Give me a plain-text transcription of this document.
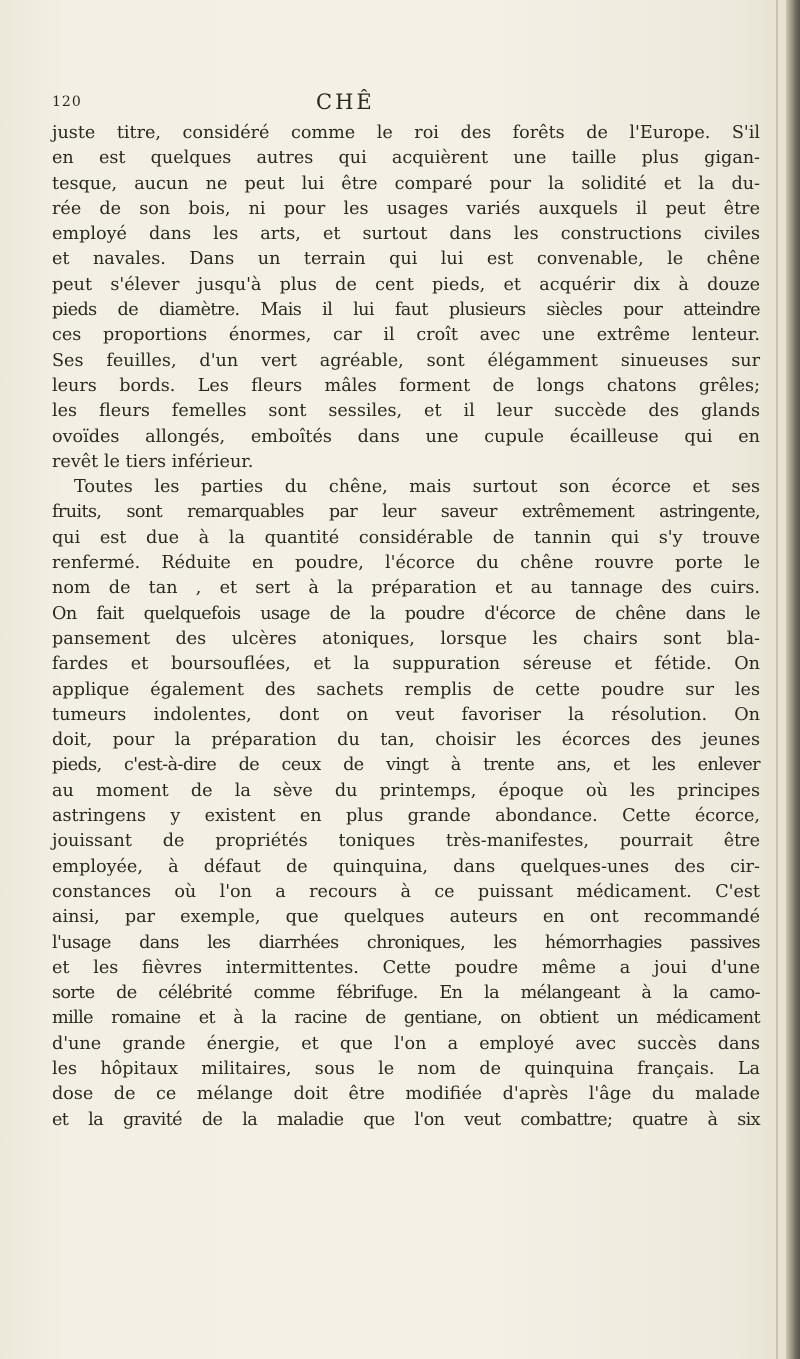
120	CHÊ
juste titre, considéré comme le roi des forêts de l'Europe. S'il
en est quelques autres qui acquièrent une taille plus gigan-
tesque, aucun ne peut lui être comparé pour la solidité et la du-
rée de son bois, ni pour les usages variés auxquels il peut être
employé dans les arts, et surtout dans les constructions civiles
et navales. Dans un terrain qui lui est convenable, le chêne
peut s'élever jusqu'à plus de cent pieds, et acquérir dix à douze
pieds de diamètre. Mais il lui faut plusieurs siècles pour atteindre
ces proportions énormes, car il croît avec une extrême lenteur.
Ses feuilles, d'un vert agréable, sont élégamment sinueuses sur
leurs bords. Les fleurs mâles forment de longs chatons grêles;
les fleurs femelles sont sessiles, et il leur succède des glands
ovoïdes allongés, emboîtés dans une cupule écailleuse qui en
revêt le tiers inférieur.
Toutes les parties du chêne, mais surtout son écorce et ses
fruits, sont remarquables par leur saveur extrêmement astringente,
qui est due à la quantité considérable de tannin qui s'y trouve
renfermé. Réduite en poudre, l'écorce du chêne rouvre porte le
nom de tan , et sert à la préparation et au tannage des cuirs.
On fait quelquefois usage de la poudre d'écorce de chêne dans le
pansement des ulcères atoniques, lorsque les chairs sont bla-
fardes et boursouflées, et la suppuration séreuse et fétide. On
applique également des sachets remplis de cette poudre sur les
tumeurs indolentes, dont on veut favoriser la résolution. On
doit, pour la préparation du tan, choisir les écorces des jeunes
pieds, c'est-à-dire de ceux de vingt à trente ans, et les enlever
au moment de la sève du printemps, époque où les principes
astringens y existent en plus grande abondance. Cette écorce,
jouissant de propriétés toniques très-manifestes, pourrait être
employée, à défaut de quinquina, dans quelques-unes des cir-
constances où l'on a recours à ce puissant médicament. C'est
ainsi, par exemple, que quelques auteurs en ont recommandé
l'usage dans les diarrhées chroniques, les hémorrhagies passives
et les fièvres intermittentes. Cette poudre même a joui d'une
sorte de célébrité comme fébrifuge. En la mélangeant à la camo-
mille romaine et à la racine de gentiane, on obtient un médicament
d'une grande énergie, et que l'on a employé avec succès dans
les hôpitaux militaires, sous le nom de quinquina français. La
dose de ce mélange doit être modifiée d'après l'âge du malade
et la gravité de la maladie que l'on veut combattre; quatre à six
